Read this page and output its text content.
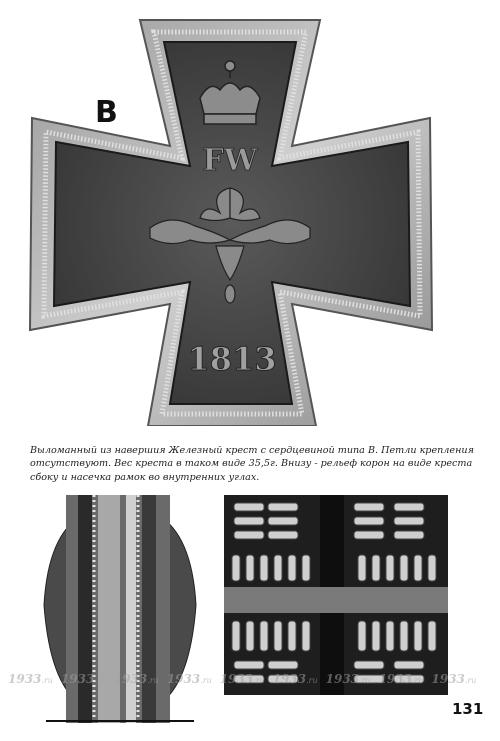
B
FW
1813

Выломанный из навершия Железный крест с сердцевиной типа В. Петли крепления отсутствуют. Вес креста в таком виде 35,5г. Внизу - рельеф корон на виде креста сбоку и насечка рамок во внутренних углах.

1933.ru 1933.ru 1933.ru 1933.ru 1933.ru 1933.ru 1933.ru 1933.ru 1933.ru
131
